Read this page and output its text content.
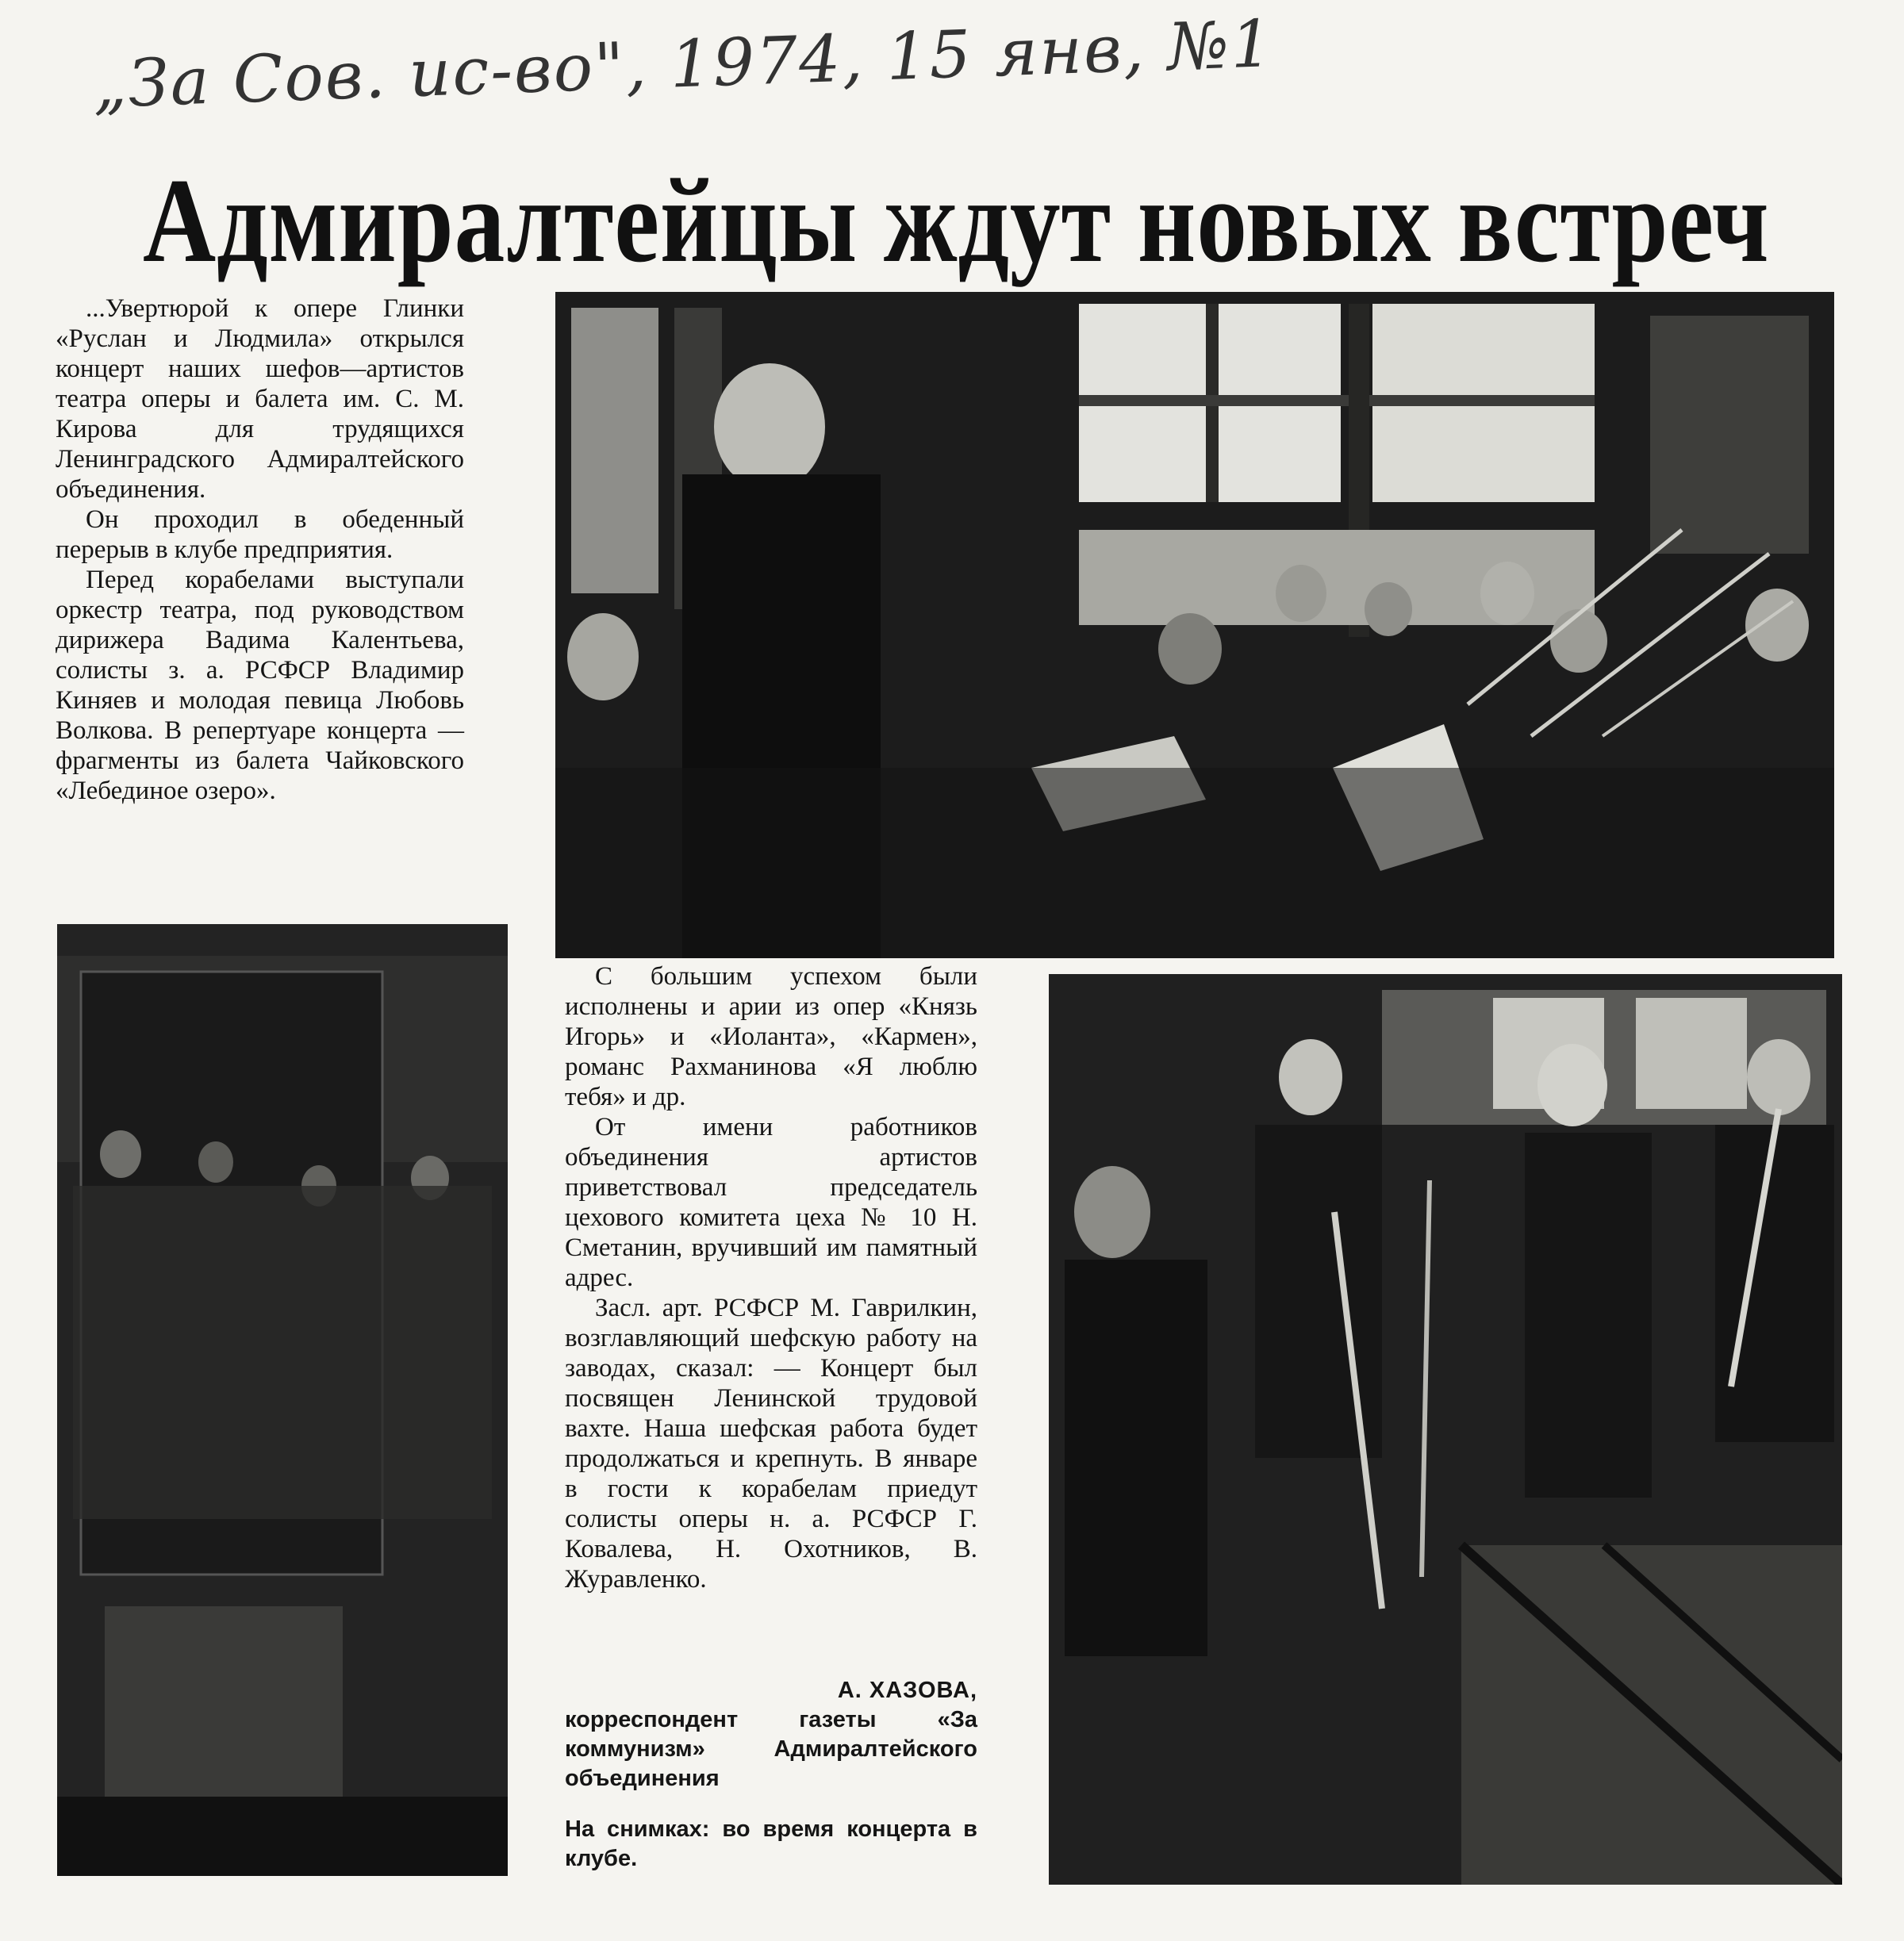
„За Сов. ис-во", 1974, 15 янв, №1
Адмиралтейцы ждут новых встреч

...Увертюрой к опере Глинки «Руслан и Людмила» открылся концерт наших шефов—артистов театра оперы и балета им. С. М. Кирова для трудящихся Ленинградского Адмиралтейского объединения.

Он проходил в обеденный перерыв в клубе предприятия.

Перед корабелами выступали оркестр театра, под руководством дирижера Вадима Калентьева, солисты з. а. РСФСР Владимир Киняев и молодая певица Любовь Волкова. В репертуаре концерта — фрагменты из балета Чайковского «Лебединое озеро».

С большим успехом были исполнены и арии из опер «Князь Игорь» и «Иоланта», «Кармен», романс Рахманинова «Я люблю тебя» и др.

От имени работников объединения артистов приветствовал председатель цехового комитета цеха № 10 Н. Сметанин, вручивший им памятный адрес.

Засл. арт. РСФСР М. Гаврилкин, возглавляющий шефскую работу на заводах, сказал: — Концерт был посвящен Ленинской трудовой вахте. Наша шефская работа будет продолжаться и крепнуть. В январе в гости к корабелам приедут солисты оперы н. а. РСФСР Г. Ковалева, Н. Охотников, В. Журавленко.

А. ХАЗОВА,
корреспондент газеты «За коммунизм» Адмиралтейского объединения
На снимках: во время концерта в клубе.
